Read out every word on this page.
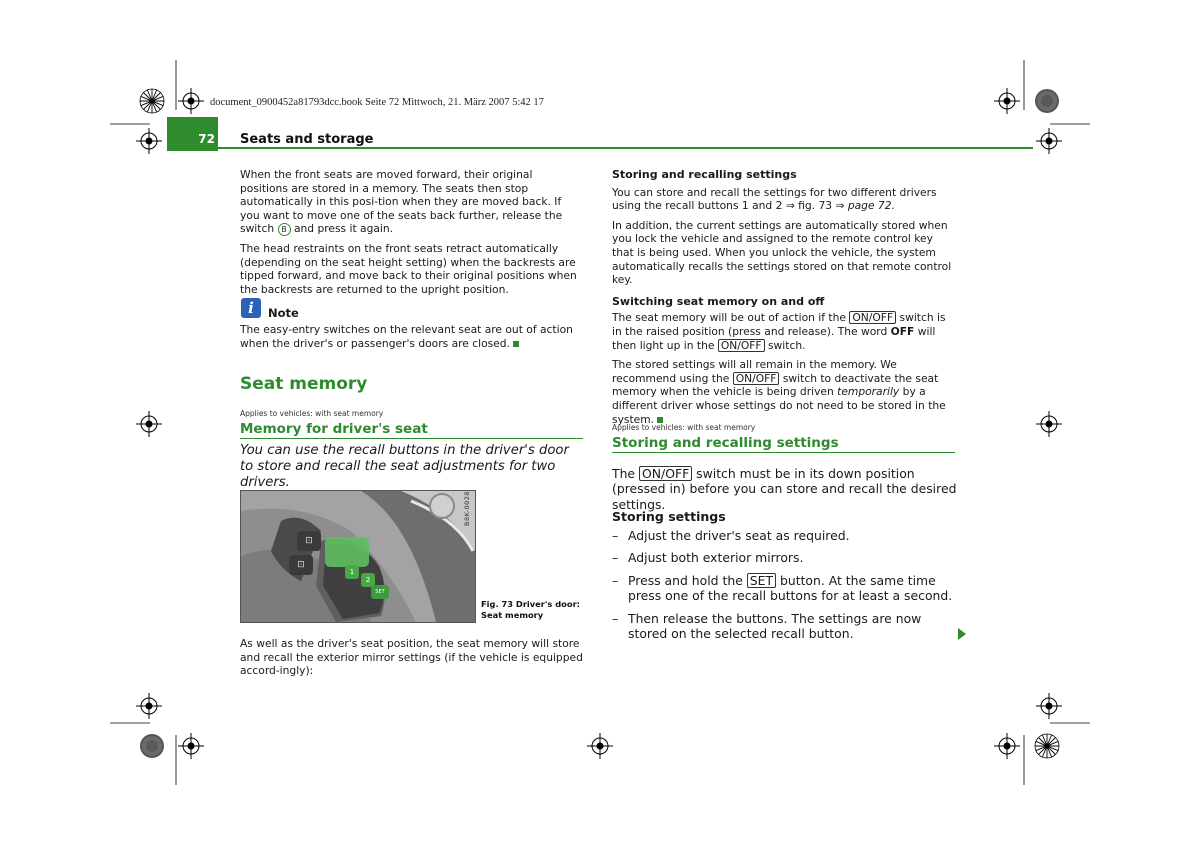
document_0900452a81793dcc.book Seite 72 Mittwoch, 21. März 2007 5:42 17
72 Seats and storage

When the front seats are moved forward, their original positions are stored in a memory. The seats then stop automatically in this posi-tion when they are moved back. If you want to move one of the seats back further, release the switch B and press it again.

The head restraints on the front seats retract automatically (depending on the seat height setting) when the backrests are tipped forward, and move back to their original positions when the backrests are returned to the upright position.

i	Note
The easy-entry switches on the relevant seat are out of action when the driver's or passenger's doors are closed.
Seat memory
Applies to vehicles: with seat memory
Memory for driver's seat
You can use the recall buttons in the driver's door to store and recall the seat adjustments for two drivers.
⊡
⊡
1
2
SET
B8K-0028
Fig. 73 Driver's door:
Seat memory
As well as the driver's seat position, the seat memory will store and recall the exterior mirror settings (if the vehicle is equipped accord-ingly):

Storing and recalling settings

You can store and recall the settings for two different drivers using the recall buttons 1 and 2 ⇒ fig. 73 ⇒ page 72.

In addition, the current settings are automatically stored when you lock the vehicle and assigned to the remote control key that is being used. When you unlock the vehicle, the system automatically recalls the settings stored on that remote control key.

Switching seat memory on and off

The seat memory will be out of action if the ON/OFF switch is in the raised position (press and release). The word OFF will then light up in the ON/OFF switch.

The stored settings will all remain in the memory. We recommend using the ON/OFF switch to deactivate the seat memory when the vehicle is being driven temporarily by a different driver whose settings do not need to be stored in the system.

Applies to vehicles: with seat memory
Storing and recalling settings
The ON/OFF switch must be in its down position (pressed in) before you can store and recall the desired settings.
Storing settings
– Adjust the driver's seat as required.
– Adjust both exterior mirrors.
– Press and hold the SET button. At the same time press one of the recall buttons for at least a second.
– Then release the buttons. The settings are now stored on the selected recall button.
